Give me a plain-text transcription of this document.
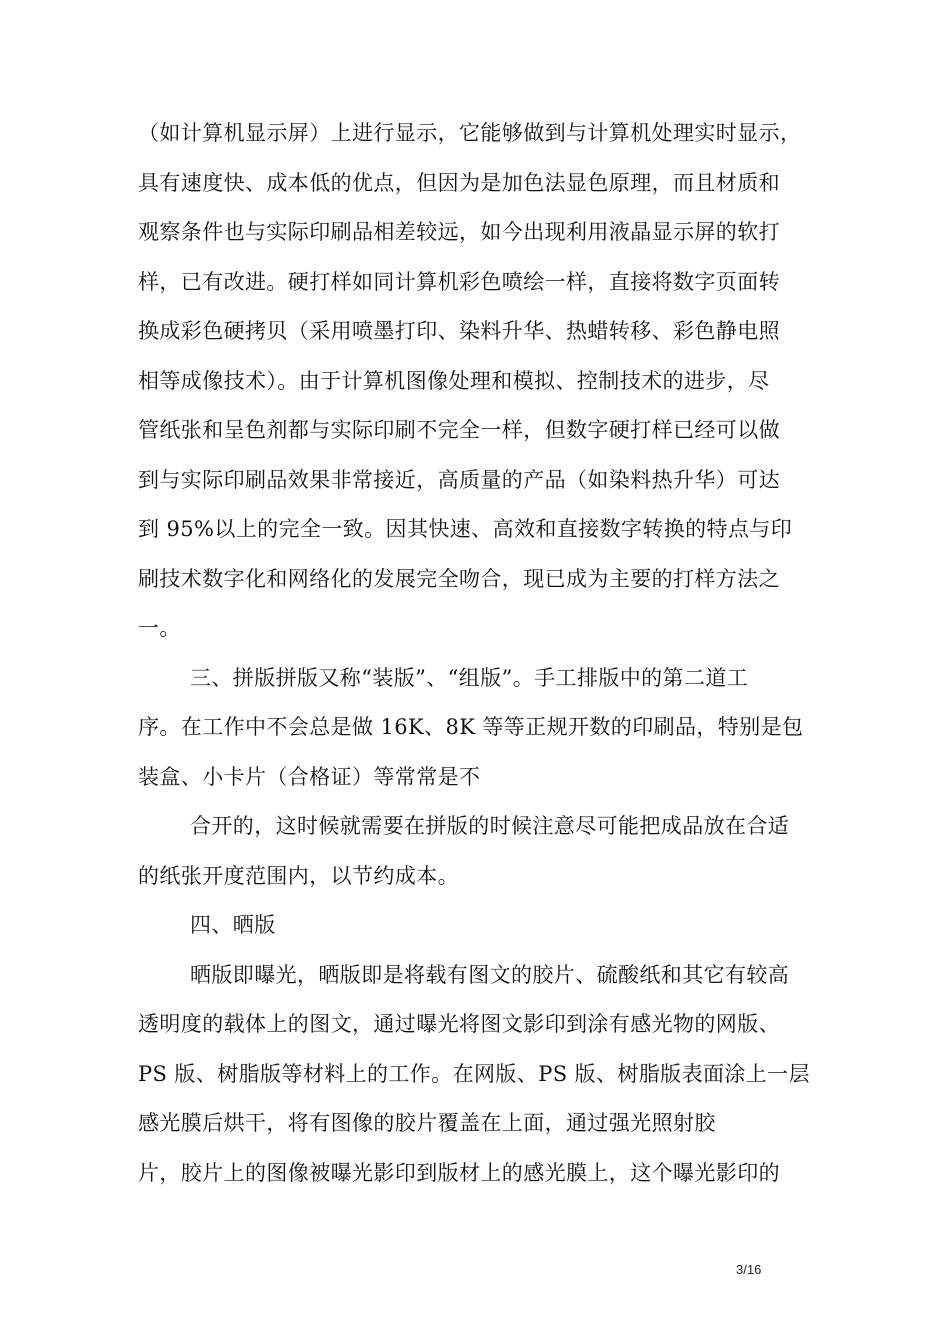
（如计算机显示屏）上进行显示，它能够做到与计算机处理实时显示，
具有速度快、成本低的优点，但因为是加色法显色原理，而且材质和
观察条件也与实际印刷品相差较远，如今出现利用液晶显示屏的软打
样，已有改进。硬打样如同计算机彩色喷绘一样，直接将数字页面转
换成彩色硬拷贝（采用喷墨打印、染料升华、热蜡转移、彩色静电照
相等成像技术）。由于计算机图像处理和模拟、控制技术的进步，尽
管纸张和呈色剂都与实际印刷不完全一样，但数字硬打样已经可以做
到与实际印刷品效果非常接近，高质量的产品（如染料热升华）可达
到 95%以上的完全一致。因其快速、高效和直接数字转换的特点与印
刷技术数字化和网络化的发展完全吻合，现已成为主要的打样方法之
一。
三、拼版拼版又称“装版”、“组版”。手工排版中的第二道工
序。在工作中不会总是做 16K、8K 等等正规开数的印刷品，特别是包
装盒、小卡片（合格证）等常常是不
合开的，这时候就需要在拼版的时候注意尽可能把成品放在合适
的纸张开度范围内，以节约成本。
四、晒版
晒版即曝光，晒版即是将载有图文的胶片、硫酸纸和其它有较高
透明度的载体上的图文，通过曝光将图文影印到涂有感光物的网版、
PS 版、树脂版等材料上的工作。在网版、PS 版、树脂版表面涂上一层
感光膜后烘干，将有图像的胶片覆盖在上面，通过强光照射胶
片，胶片上的图像被曝光影印到版材上的感光膜上，这个曝光影印的
3/16
